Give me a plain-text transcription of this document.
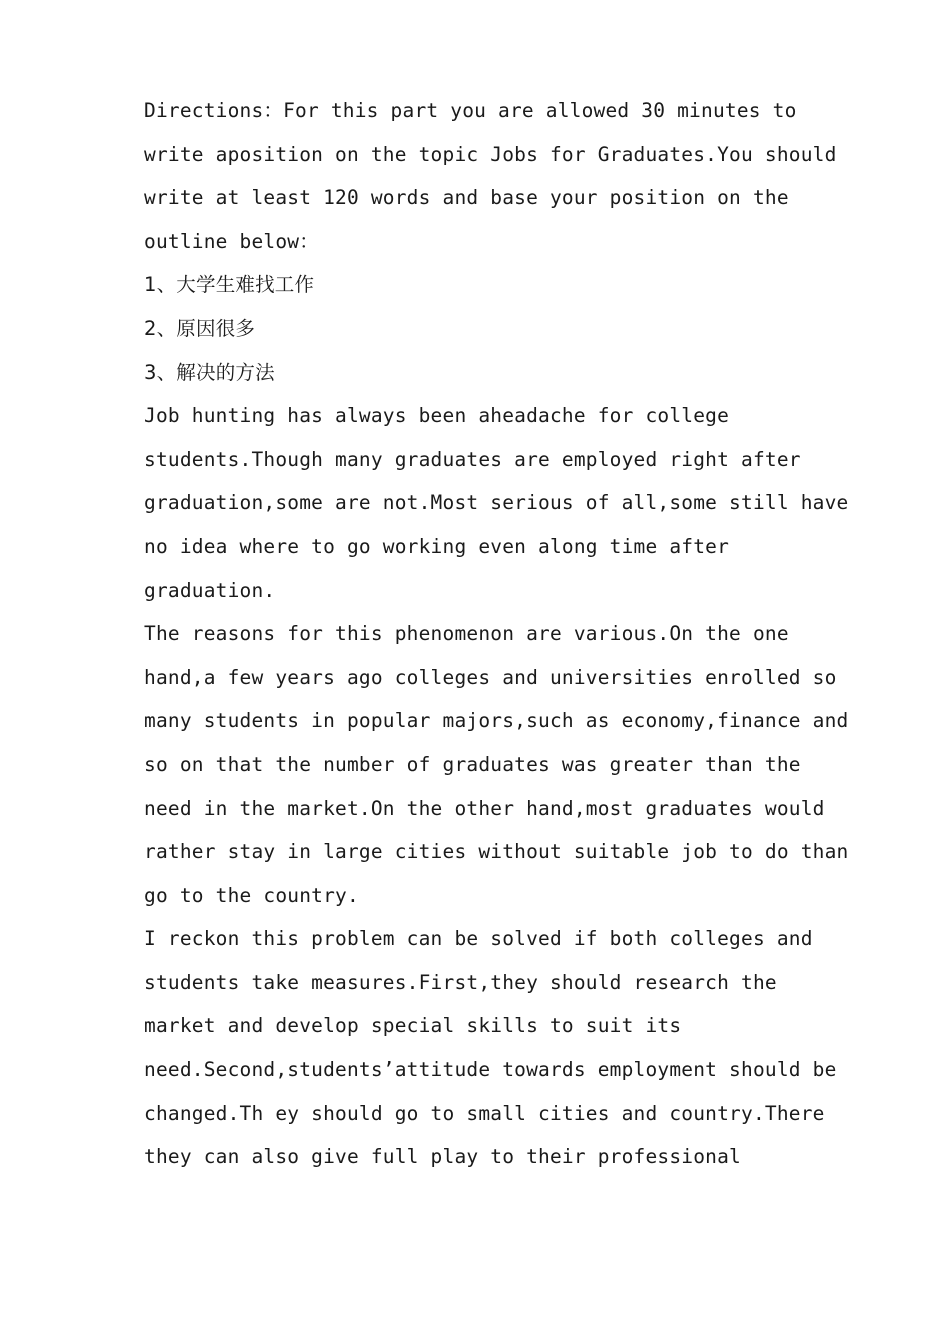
Directions：For this part you are allowed 30 minutes to
write aposition on the topic Jobs for Graduates.You should
write at least 120 words and base your position on the
outline below：
1、大学生难找工作
2、原因很多
3、解决的方法
Job hunting has always been aheadache for college
students.Though many graduates are employed right after
graduation,some are not.Most serious of all,some still have
no idea where to go working even along time after
graduation.
The reasons for this phenomenon are various.On the one
hand,a few years ago colleges and universities enrolled so
many students in popular majors,such as economy,finance and
so on that the number of graduates was greater than the
need in the market.On the other hand,most graduates would
rather stay in large cities without suitable job to do than
go to the country.
I reckon this problem can be solved if both colleges and
students take measures.First,they should research the
market and develop special skills to suit its
need.Second,students’attitude towards employment should be
changed.Th ey should go to small cities and country.There
they can also give full play to their professional
